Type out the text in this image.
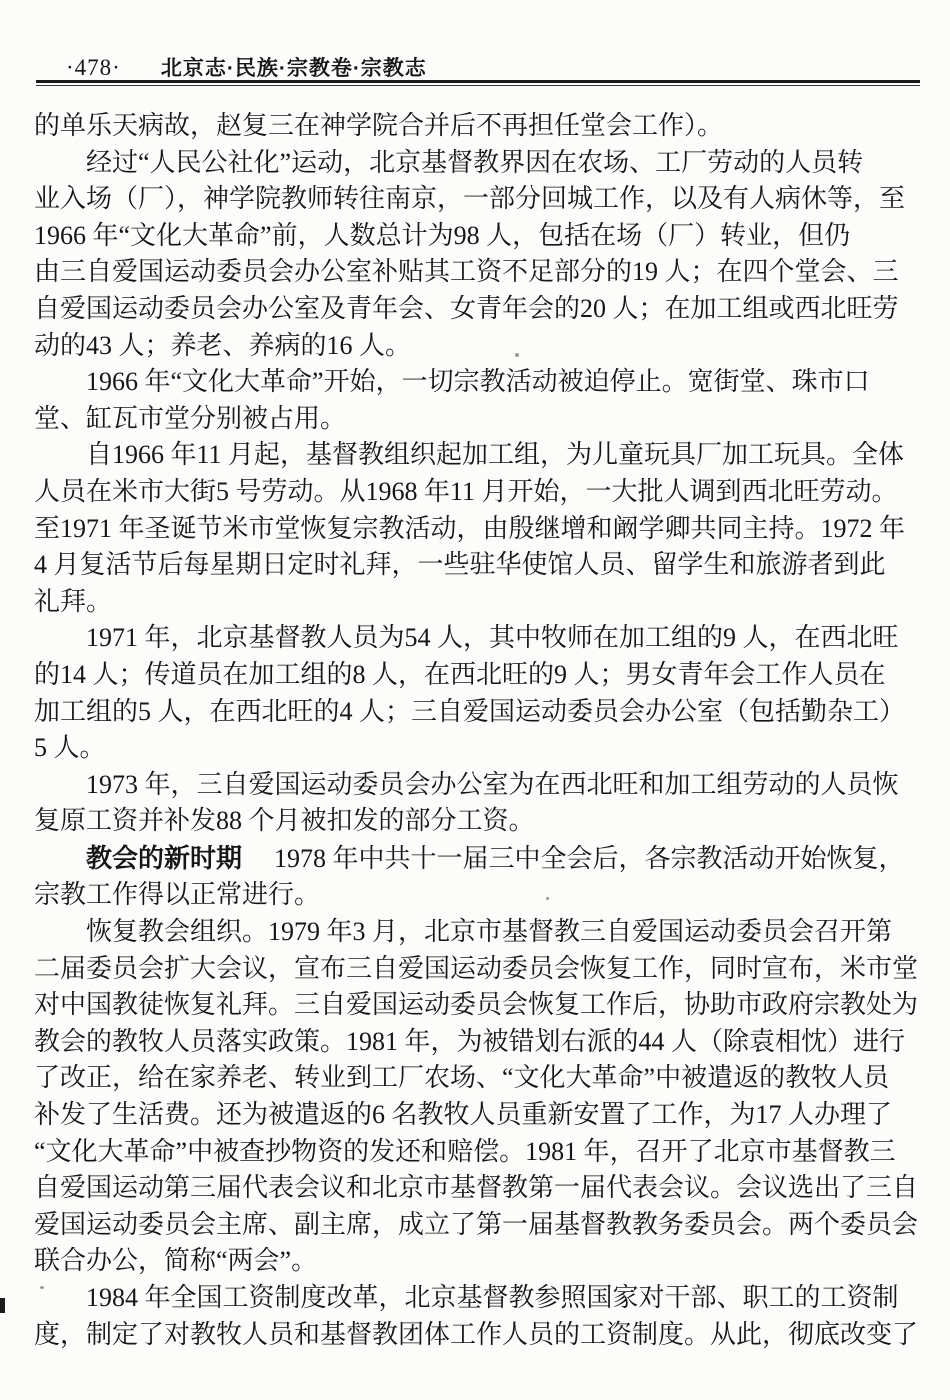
·478· 北京志·民族·宗教卷·宗教志
的单乐天病故，赵复三在神学院合并后不再担任堂会工作）。
经过“人民公社化”运动，北京基督教界因在农场、工厂劳动的人员转
业入场（厂），神学院教师转往南京，一部分回城工作，以及有人病休等，至
1966 年“文化大革命”前，人数总计为98 人，包括在场（厂）转业，但仍
由三自爱国运动委员会办公室补贴其工资不足部分的19 人；在四个堂会、三
自爱国运动委员会办公室及青年会、女青年会的20 人；在加工组或西北旺劳
动的43 人；养老、养病的16 人。
1966 年“文化大革命”开始，一切宗教活动被迫停止。宽街堂、珠市口
堂、缸瓦市堂分别被占用。
自1966 年11 月起，基督教组织起加工组，为儿童玩具厂加工玩具。全体
人员在米市大街5 号劳动。从1968 年11 月开始，一大批人调到西北旺劳动。
至1971 年圣诞节米市堂恢复宗教活动，由殷继增和阚学卿共同主持。1972 年
4 月复活节后每星期日定时礼拜，一些驻华使馆人员、留学生和旅游者到此
礼拜。
1971 年，北京基督教人员为54 人，其中牧师在加工组的9 人，在西北旺
的14 人；传道员在加工组的8 人，在西北旺的9 人；男女青年会工作人员在
加工组的5 人，在西北旺的4 人；三自爱国运动委员会办公室（包括勤杂工）
5 人。
1973 年，三自爱国运动委员会办公室为在西北旺和加工组劳动的人员恢
复原工资并补发88 个月被扣发的部分工资。
教会的新时期 1978 年中共十一届三中全会后，各宗教活动开始恢复，
宗教工作得以正常进行。
恢复教会组织。1979 年3 月，北京市基督教三自爱国运动委员会召开第
二届委员会扩大会议，宣布三自爱国运动委员会恢复工作，同时宣布，米市堂
对中国教徒恢复礼拜。三自爱国运动委员会恢复工作后，协助市政府宗教处为
教会的教牧人员落实政策。1981 年，为被错划右派的44 人（除袁相忱）进行
了改正，给在家养老、转业到工厂农场、“文化大革命”中被遣返的教牧人员
补发了生活费。还为被遣返的6 名教牧人员重新安置了工作，为17 人办理了
“文化大革命”中被查抄物资的发还和赔偿。1981 年，召开了北京市基督教三
自爱国运动第三届代表会议和北京市基督教第一届代表会议。会议选出了三自
爱国运动委员会主席、副主席，成立了第一届基督教教务委员会。两个委员会
联合办公，简称“两会”。
1984 年全国工资制度改革，北京基督教参照国家对干部、职工的工资制
度，制定了对教牧人员和基督教团体工作人员的工资制度。从此，彻底改变了
